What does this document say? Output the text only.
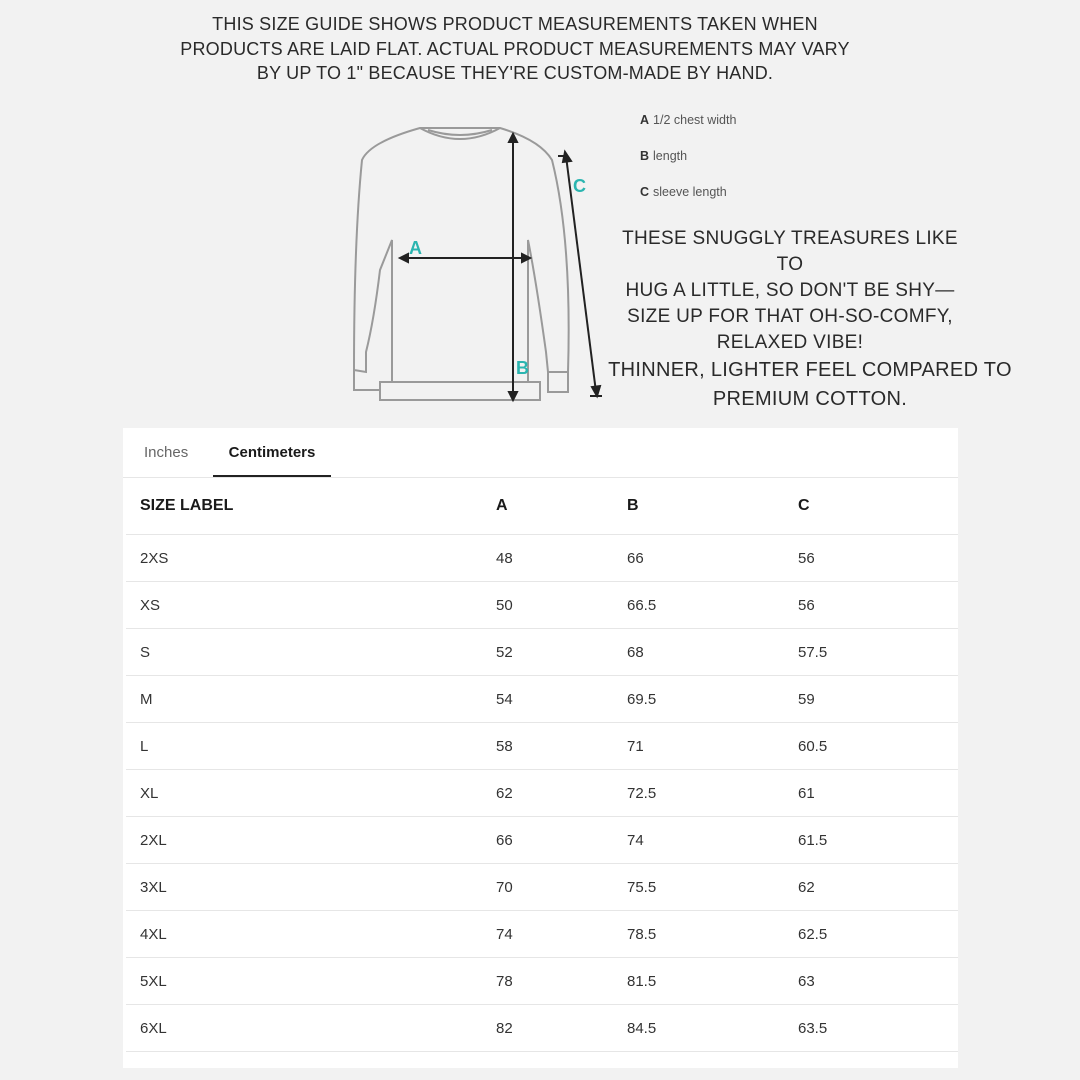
THIS SIZE GUIDE SHOWS PRODUCT MEASUREMENTS TAKEN WHEN
PRODUCTS ARE LAID FLAT. ACTUAL PRODUCT MEASUREMENTS MAY VARY
BY UP TO 1" BECAUSE THEY'RE CUSTOM-MADE BY HAND.
A
B
C
A 1/2 chest width
B length
C sleeve length
THESE SNUGGLY TREASURES LIKE TO
HUG A LITTLE, SO DON'T BE SHY—
SIZE UP FOR THAT OH-SO-COMFY,
RELAXED VIBE!
THINNER, LIGHTER FEEL COMPARED TO
PREMIUM COTTON.
Inches	Centimeters
SIZE LABEL	A	B	C
2XS	48	66	56
XS	50	66.5	56
S	52	68	57.5
M	54	69.5	59
L	58	71	60.5
XL	62	72.5	61
2XL	66	74	61.5
3XL	70	75.5	62
4XL	74	78.5	62.5
5XL	78	81.5	63
6XL	82	84.5	63.5
